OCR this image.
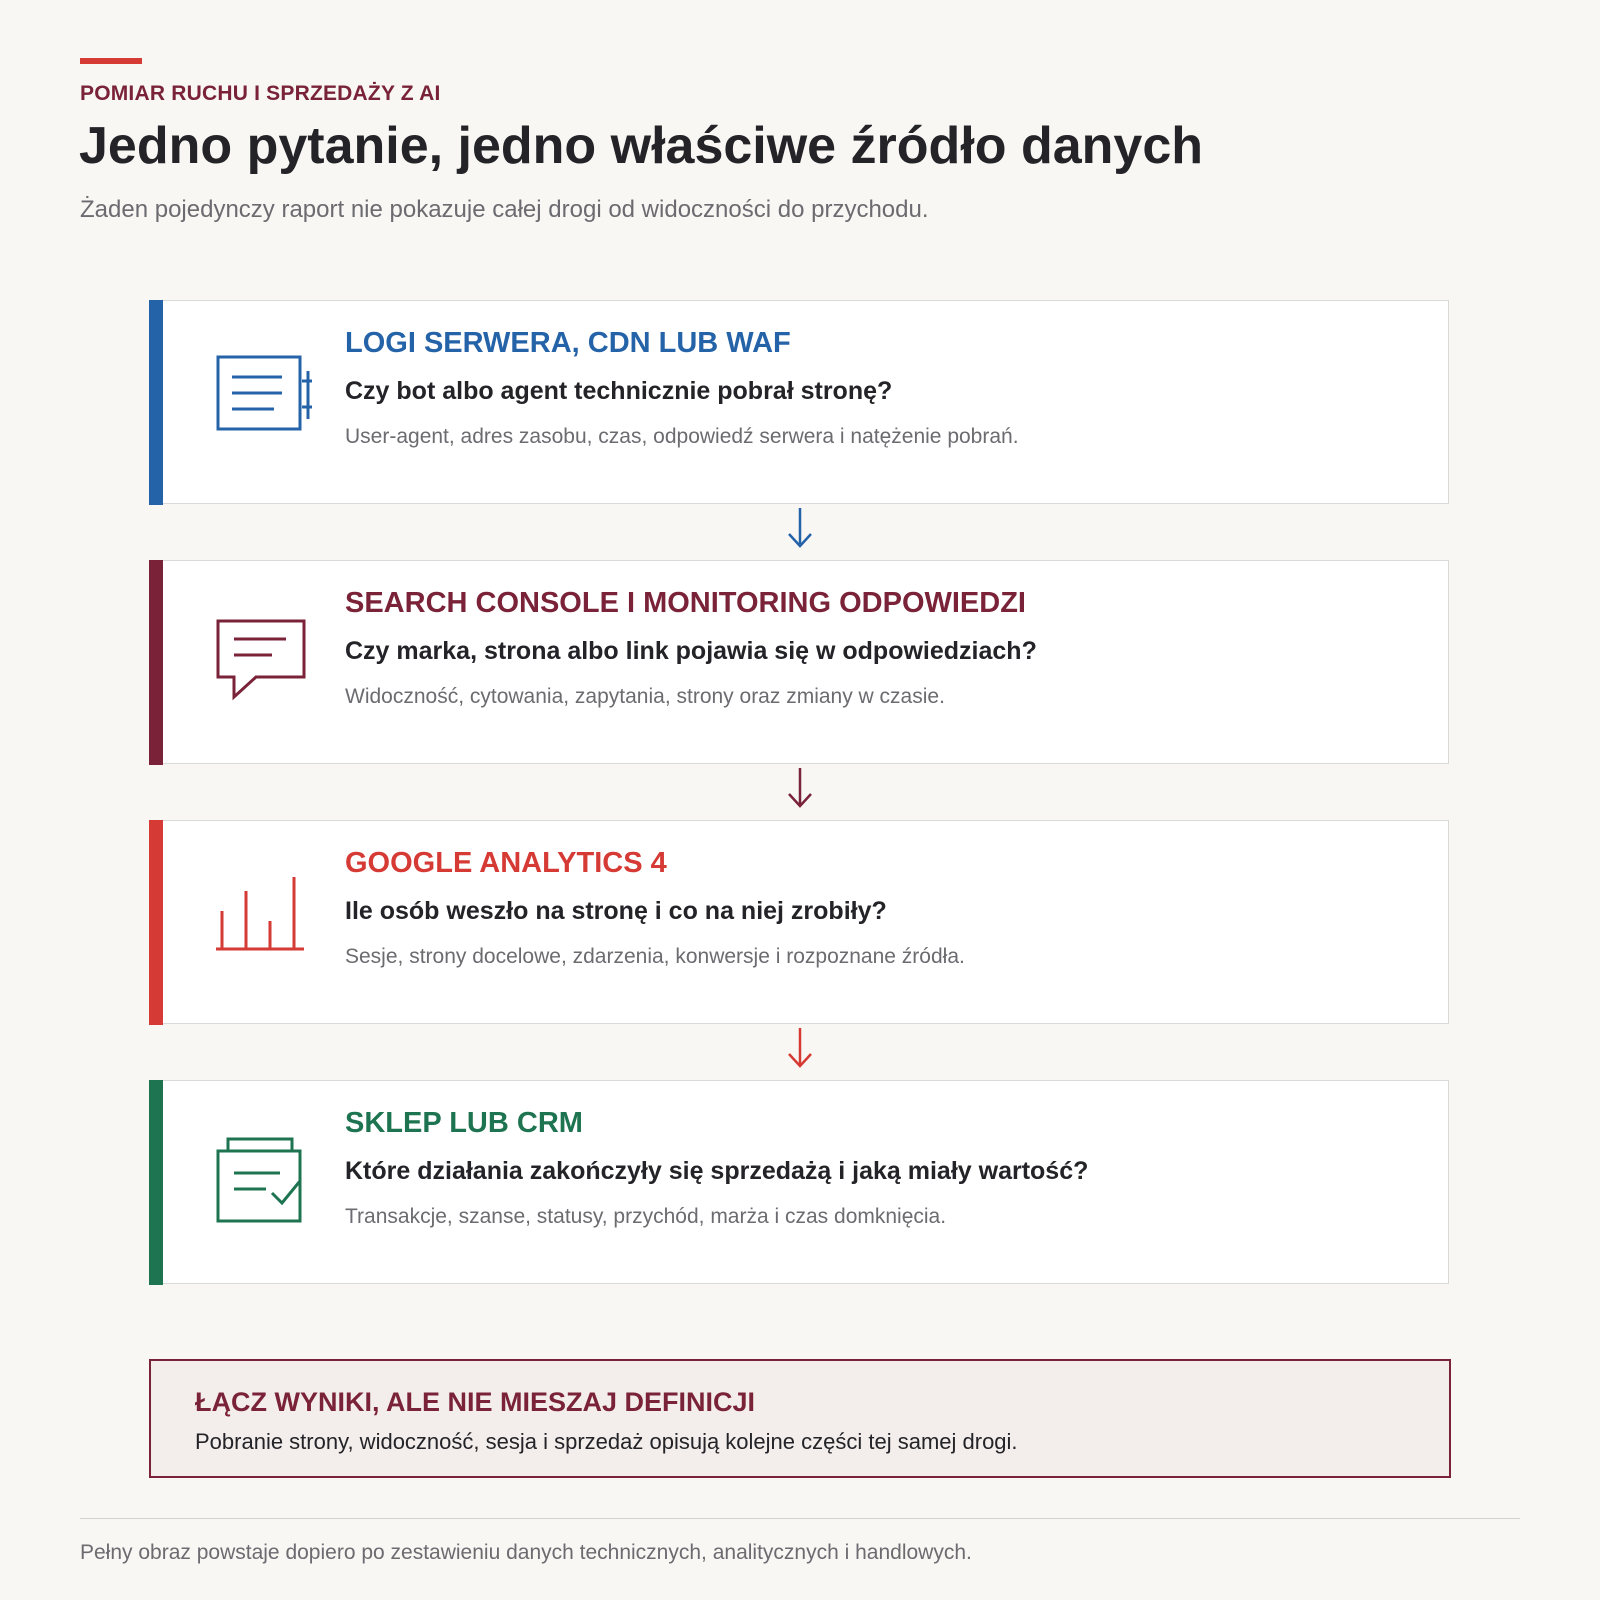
POMIAR RUCHU I SPRZEDAŻY Z AI
Jedno pytanie, jedno właściwe źródło danych
Żaden pojedynczy raport nie pokazuje całej drogi od widoczności do przychodu.
LOGI SERWERA, CDN LUB WAF
Czy bot albo agent technicznie pobrał stronę?
User-agent, adres zasobu, czas, odpowiedź serwera i natężenie pobrań.
SEARCH CONSOLE I MONITORING ODPOWIEDZI
Czy marka, strona albo link pojawia się w odpowiedziach?
Widoczność, cytowania, zapytania, strony oraz zmiany w czasie.
GOOGLE ANALYTICS 4
Ile osób weszło na stronę i co na niej zrobiły?
Sesje, strony docelowe, zdarzenia, konwersje i rozpoznane źródła.
SKLEP LUB CRM
Które działania zakończyły się sprzedażą i jaką miały wartość?
Transakcje, szanse, statusy, przychód, marża i czas domknięcia.
ŁĄCZ WYNIKI, ALE NIE MIESZAJ DEFINICJI
Pobranie strony, widoczność, sesja i sprzedaż opisują kolejne części tej samej drogi.
Pełny obraz powstaje dopiero po zestawieniu danych technicznych, analitycznych i handlowych.
